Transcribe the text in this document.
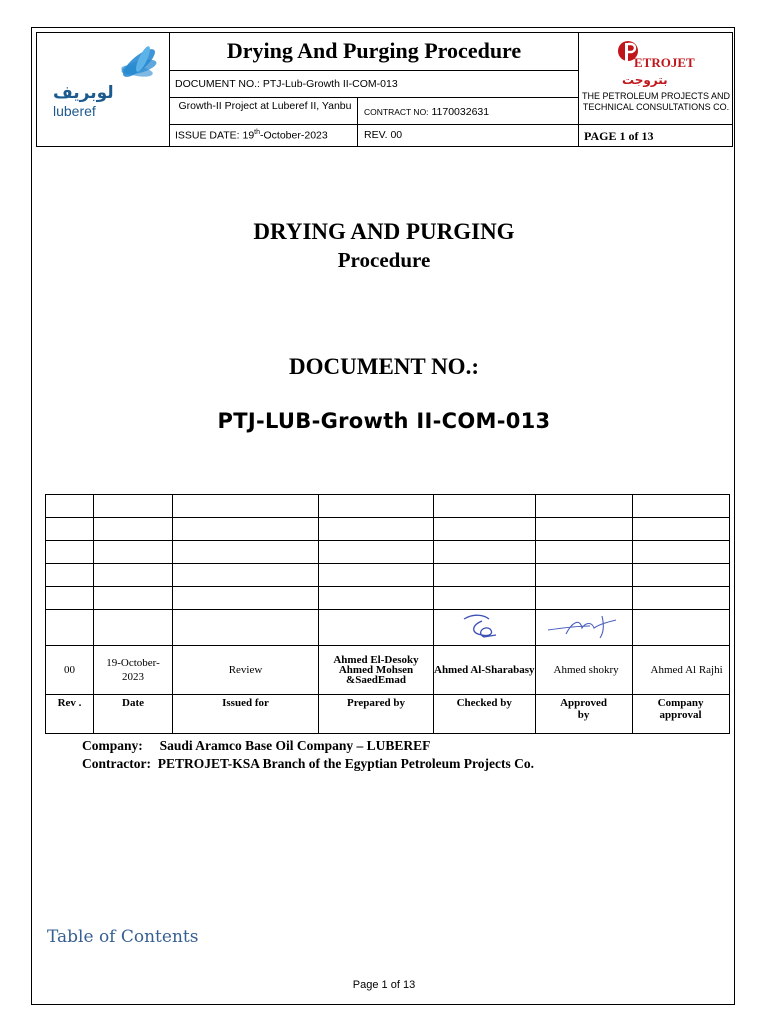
لوبريف
luberef
Drying And Purging Procedure
DOCUMENT NO.: PTJ-Lub-Growth II-COM-013
Growth-II Project at Luberef II, Yanbu	CONTRACT NO: 1170032631
ISSUE DATE: 19th-October-2023	REV. 00	PAGE 1 of 13
ETROJET
بتروجت
THE PETROLEUM PROJECTS AND TECHNICAL CONSULTATIONS CO.
DRYING AND PURGING
Procedure
DOCUMENT NO.:
PTJ-LUB-Growth II-COM-013

00	19-October-2023	Review	Ahmed El-Desoky Ahmed Mohsen &SaedEmad	Ahmed Al-Sharabasy	Ahmed shokry	Ahmed Al Rajhi
Rev .	Date	Issued for	Prepared by	Checked by	Approved by	Company approval
Company: Saudi Aramco Base Oil Company – LUBEREF
Contractor: PETROJET-KSA Branch of the Egyptian Petroleum Projects Co.
Table of Contents
Page 1 of 13
